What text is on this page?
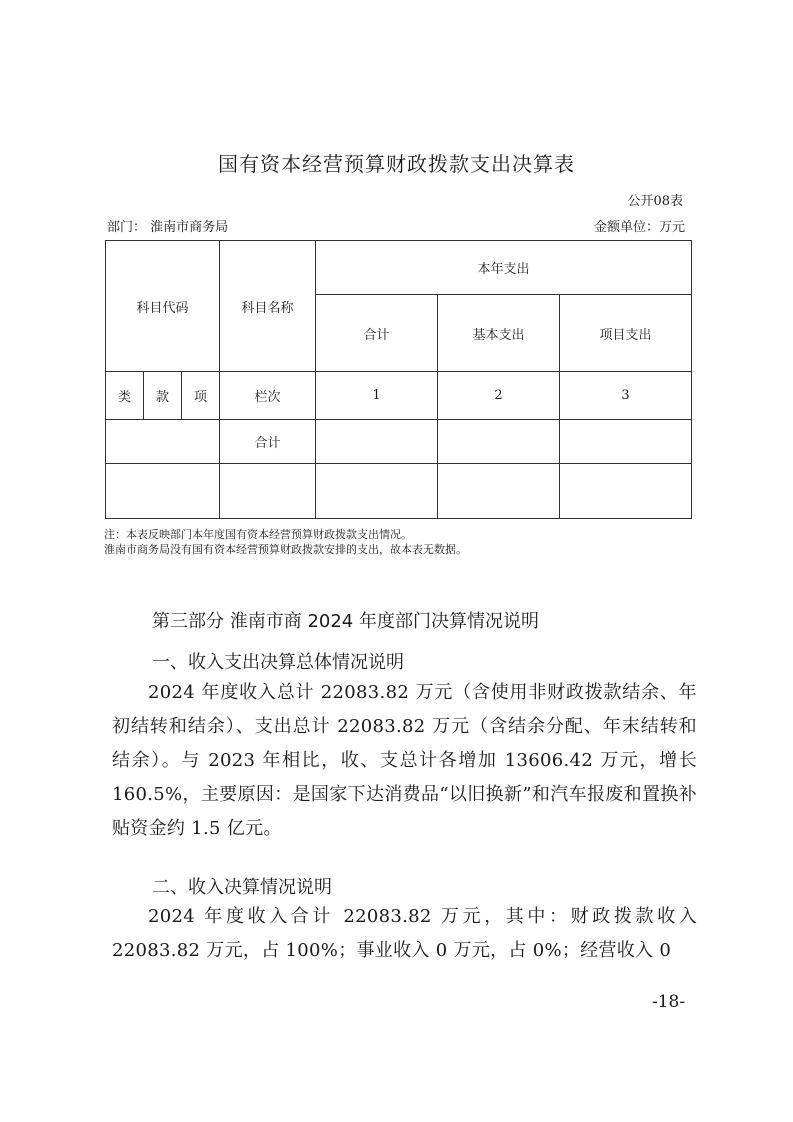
国有资本经营预算财政拨款支出决算表
公开08表
部门： 淮南市商务局	金额单位：万元
科目代码			科目名称	本年支出		
				合计	基本支出	项目支出
类	款	项	栏次	1	2	3
			合计			

注：本表反映部门本年度国有资本经营预算财政拨款支出情况。
淮南市商务局没有国有资本经营预算财政拨款安排的支出，故本表无数据。
第三部分 淮南市商 2024 年度部门决算情况说明
一、收入支出决算总体情况说明

2024 年度收入总计 22083.82 万元（含使用非财政拨款结余、年初结转和结余）、支出总计 22083.82 万元（含结余分配、年末结转和结余）。与 2023 年相比，收、支总计各增加 13606.42 万元，增长 160.5%，主要原因：是国家下达消费品“以旧换新”和汽车报废和置换补贴资金约 1.5 亿元。

二、收入决算情况说明

2024 年度收入合计 22083.82 万元，其中：财政拨款收入 22083.82 万元，占 100%；事业收入 0 万元，占 0%；经营收入 0

-18-
